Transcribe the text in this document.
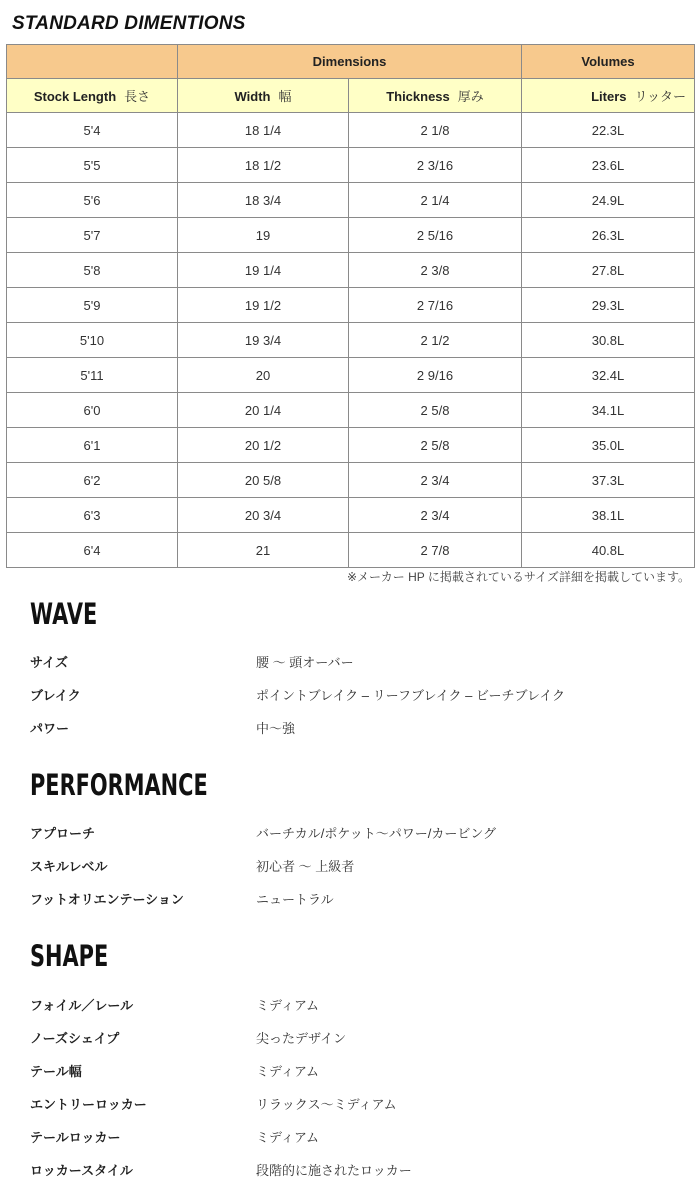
STANDARD DIMENTIONS
	Dimensions		Volumes
Stock Length 長さ	Width 幅	Thickness 厚み	Liters リッター
5'4	18 1/4	2 1/8	22.3L
5'5	18 1/2	2 3/16	23.6L
5'6	18 3/4	2 1/4	24.9L
5'7	19	2 5/16	26.3L
5'8	19 1/4	2 3/8	27.8L
5'9	19 1/2	2 7/16	29.3L
5'10	19 3/4	2 1/2	30.8L
5'11	20	2 9/16	32.4L
6'0	20 1/4	2 5/8	34.1L
6'1	20 1/2	2 5/8	35.0L
6'2	20 5/8	2 3/4	37.3L
6'3	20 3/4	2 3/4	38.1L
6'4	21	2 7/8	40.8L
※メーカー HP に掲載されているサイズ詳細を掲載しています。
WAVE
サイズ	腰 〜 頭オーバー
ブレイク	ポイントブレイク – リーフブレイク – ビーチブレイク
パワー	中〜強
PERFORMANCE
アプローチ	バーチカル/ポケット〜パワー/カービング
スキルレベル	初心者 〜 上級者
フットオリエンテーション	ニュートラル
SHAPE
フォイル／レール	ミディアム
ノーズシェイプ	尖ったデザイン
テール幅	ミディアム
エントリーロッカー	リラックス〜ミディアム
テールロッカー	ミディアム
ロッカースタイル	段階的に施されたロッカー
